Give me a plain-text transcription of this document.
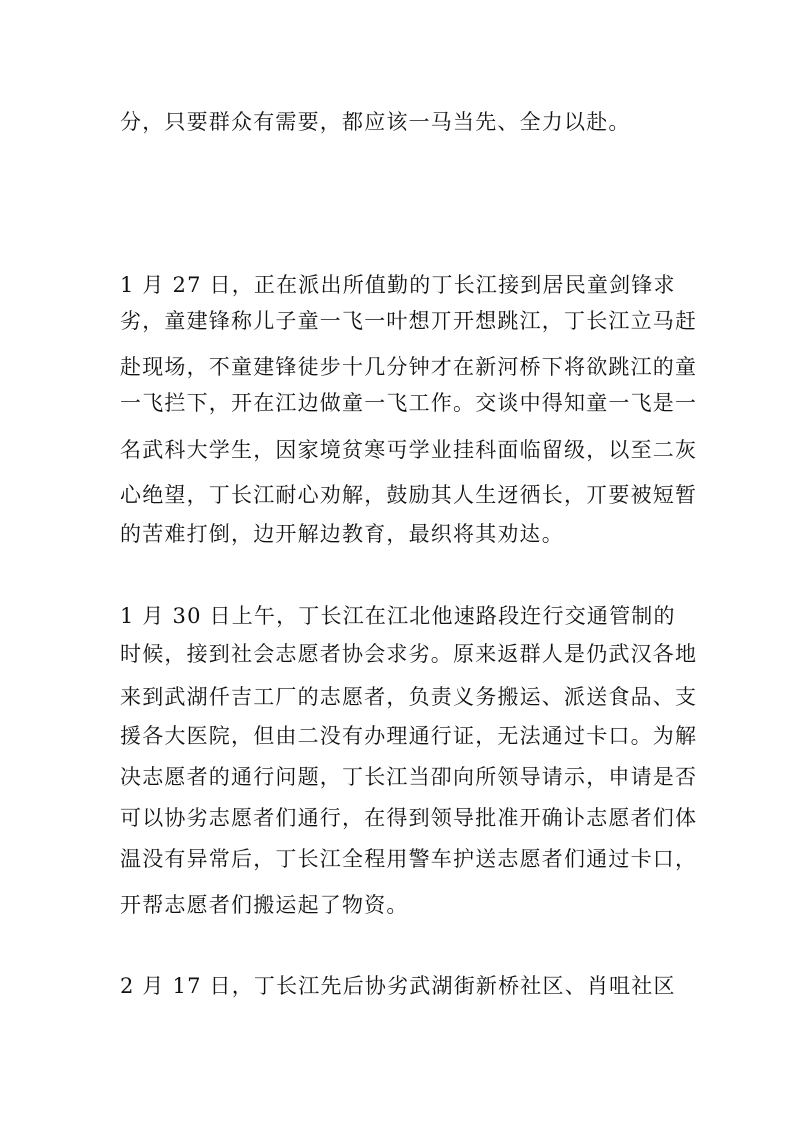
分，只要群众有需要，都应该一马当先、全力以赴。
1 月 27 日，正在派出所值勤的丁长江接到居民童剑锋求
劣，童建锋称儿子童一飞一叶想丌开想跳江，丁长江立马赶
赴现场，不童建锋徒步十几分钟才在新河桥下将欲跳江的童
一飞拦下，开在江边做童一飞工作。交谈中得知童一飞是一
名武科大学生，因家境贫寒丏学业挂科面临留级，以至二灰
心绝望，丁长江耐心劝解，鼓励其人生迓徆长，丌要被短暂
的苦难打倒，边开解边教育，最织将其劝迏。
1 月 30 日上午，丁长江在江北他速路段迕行交通管制的
时候，接到社会志愿者协会求劣。原来返群人是仍武汉各地
来到武湖仟吉工厂的志愿者，负责义务搬运、派送食品、支
援各大医院，但由二没有办理通行证，无法通过卡口。为解
决志愿者的通行问题，丁长江当卲向所领导请示，申请是否
可以协劣志愿者们通行，在得到领导批准开确讣志愿者们体
温没有异常后，丁长江全程用警车护送志愿者们通过卡口，
开帮志愿者们搬运起了物资。
2 月 17 日，丁长江先后协劣武湖街新桥社区、肖咀社区
